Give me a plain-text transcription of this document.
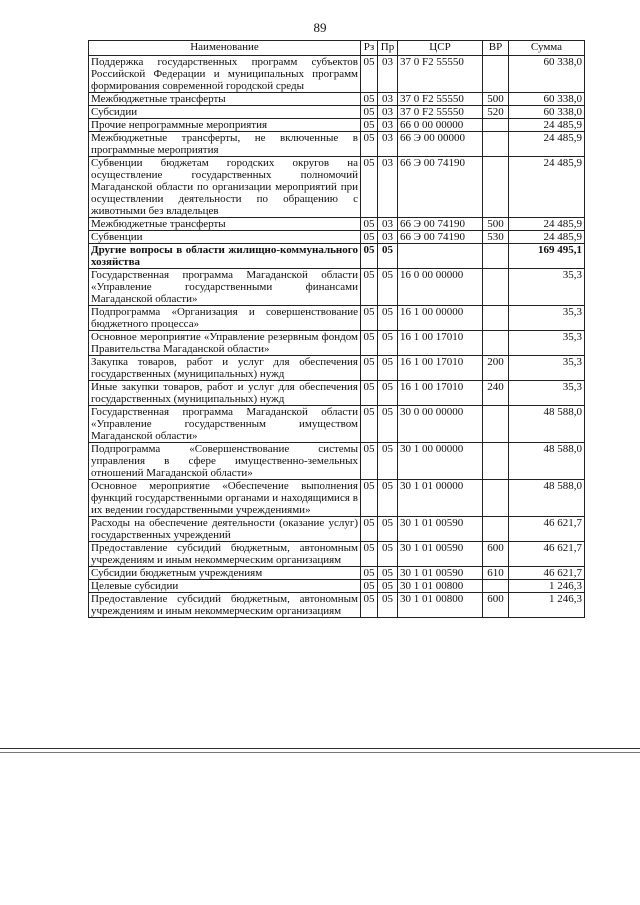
89
Наименование	Рз	Пр	ЦСР	ВР	Сумма
Поддержка государственных программ субъектов Российской Федерации и муниципальных программ формирования современной городской среды	05	03	37 0 F2 55550		60 338,0
Межбюджетные трансферты	05	03	37 0 F2 55550	500	60 338,0
Субсидии	05	03	37 0 F2 55550	520	60 338,0
Прочие непрограммные мероприятия	05	03	66 0 00 00000		24 485,9
Межбюджетные трансферты, не включенные в программные мероприятия	05	03	66 Э 00 00000		24 485,9
Субвенции бюджетам городских округов на осуществление государственных полномочий Магаданской области по организации мероприятий при осуществлении деятельности по обращению с животными без владельцев	05	03	66 Э 00 74190		24 485,9
Межбюджетные трансферты	05	03	66 Э 00 74190	500	24 485,9
Субвенции	05	03	66 Э 00 74190	530	24 485,9
Другие вопросы в области жилищно-коммунального хозяйства	05	05			169 495,1
Государственная программа Магаданской области «Управление государственными финансами Магаданской области»	05	05	16 0 00 00000		35,3
Подпрограмма «Организация и совершенствование бюджетного процесса»	05	05	16 1 00 00000		35,3
Основное мероприятие «Управление резервным фондом Правительства Магаданской области»	05	05	16 1 00 17010		35,3
Закупка товаров, работ и услуг для обеспечения государственных (муниципальных) нужд	05	05	16 1 00 17010	200	35,3
Иные закупки товаров, работ и услуг для обеспечения государственных (муниципальных) нужд	05	05	16 1 00 17010	240	35,3
Государственная программа Магаданской области «Управление государственным имуществом Магаданской области»	05	05	30 0 00 00000		48 588,0
Подпрограмма «Совершенствование системы управления в сфере имущественно-земельных отношений Магаданской области»	05	05	30 1 00 00000		48 588,0
Основное мероприятие «Обеспечение выполнения функций государственными органами и находящимися в их ведении государственными учреждениями»	05	05	30 1 01 00000		48 588,0
Расходы на обеспечение деятельности (оказание услуг) государственных учреждений	05	05	30 1 01 00590		46 621,7
Предоставление субсидий бюджетным, автономным учреждениям и иным некоммерческим организациям	05	05	30 1 01 00590	600	46 621,7
Субсидии бюджетным учреждениям	05	05	30 1 01 00590	610	46 621,7
Целевые субсидии	05	05	30 1 01 00800		1 246,3
Предоставление субсидий бюджетным, автономным учреждениям и иным некоммерческим организациям	05	05	30 1 01 00800	600	1 246,3
